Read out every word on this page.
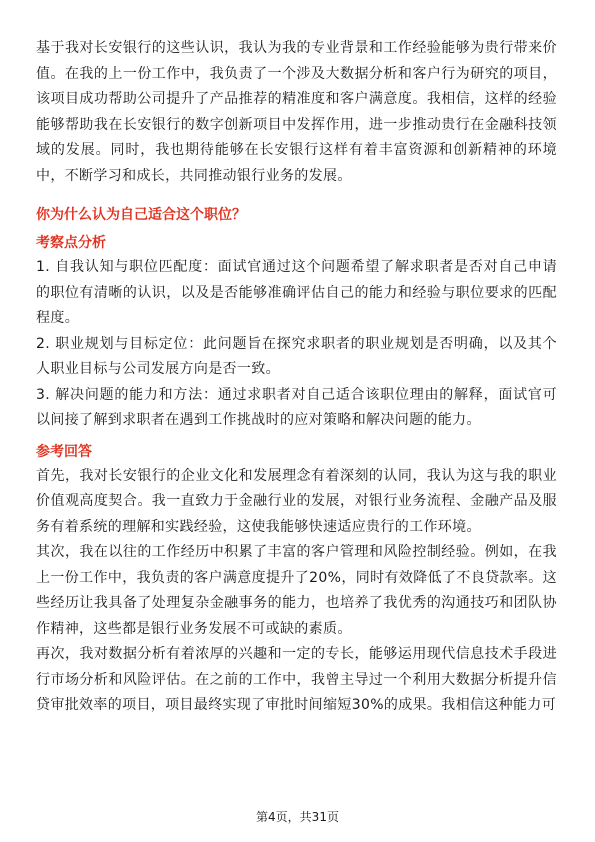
基于我对长安银行的这些认识，我认为我的专业背景和工作经验能够为贵行带来价值。在我的上一份工作中，我负责了一个涉及大数据分析和客户行为研究的项目，该项目成功帮助公司提升了产品推荐的精准度和客户满意度。我相信，这样的经验能够帮助我在长安银行的数字创新项目中发挥作用，进一步推动贵行在金融科技领域的发展。同时，我也期待能够在长安银行这样有着丰富资源和创新精神的环境中，不断学习和成长，共同推动银行业务的发展。

你为什么认为自己适合这个职位？
考察点分析

1. 自我认知与职位匹配度：面试官通过这个问题希望了解求职者是否对自己申请的职位有清晰的认识，以及是否能够准确评估自己的能力和经验与职位要求的匹配程度。

2. 职业规划与目标定位：此问题旨在探究求职者的职业规划是否明确，以及其个人职业目标与公司发展方向是否一致。

3. 解决问题的能力和方法：通过求职者对自己适合该职位理由的解释，面试官可以间接了解到求职者在遇到工作挑战时的应对策略和解决问题的能力。

参考回答

首先，我对长安银行的企业文化和发展理念有着深刻的认同，我认为这与我的职业价值观高度契合。我一直致力于金融行业的发展，对银行业务流程、金融产品及服务有着系统的理解和实践经验，这使我能够快速适应贵行的工作环境。

其次，我在以往的工作经历中积累了丰富的客户管理和风险控制经验。例如，在我上一份工作中，我负责的客户满意度提升了20%，同时有效降低了不良贷款率。这些经历让我具备了处理复杂金融事务的能力，也培养了我优秀的沟通技巧和团队协作精神，这些都是银行业务发展不可或缺的素质。

再次，我对数据分析有着浓厚的兴趣和一定的专长，能够运用现代信息技术手段进行市场分析和风险评估。在之前的工作中，我曾主导过一个利用大数据分析提升信贷审批效率的项目，项目最终实现了审批时间缩短30%的成果。我相信这种能力可

第4页，共31页
